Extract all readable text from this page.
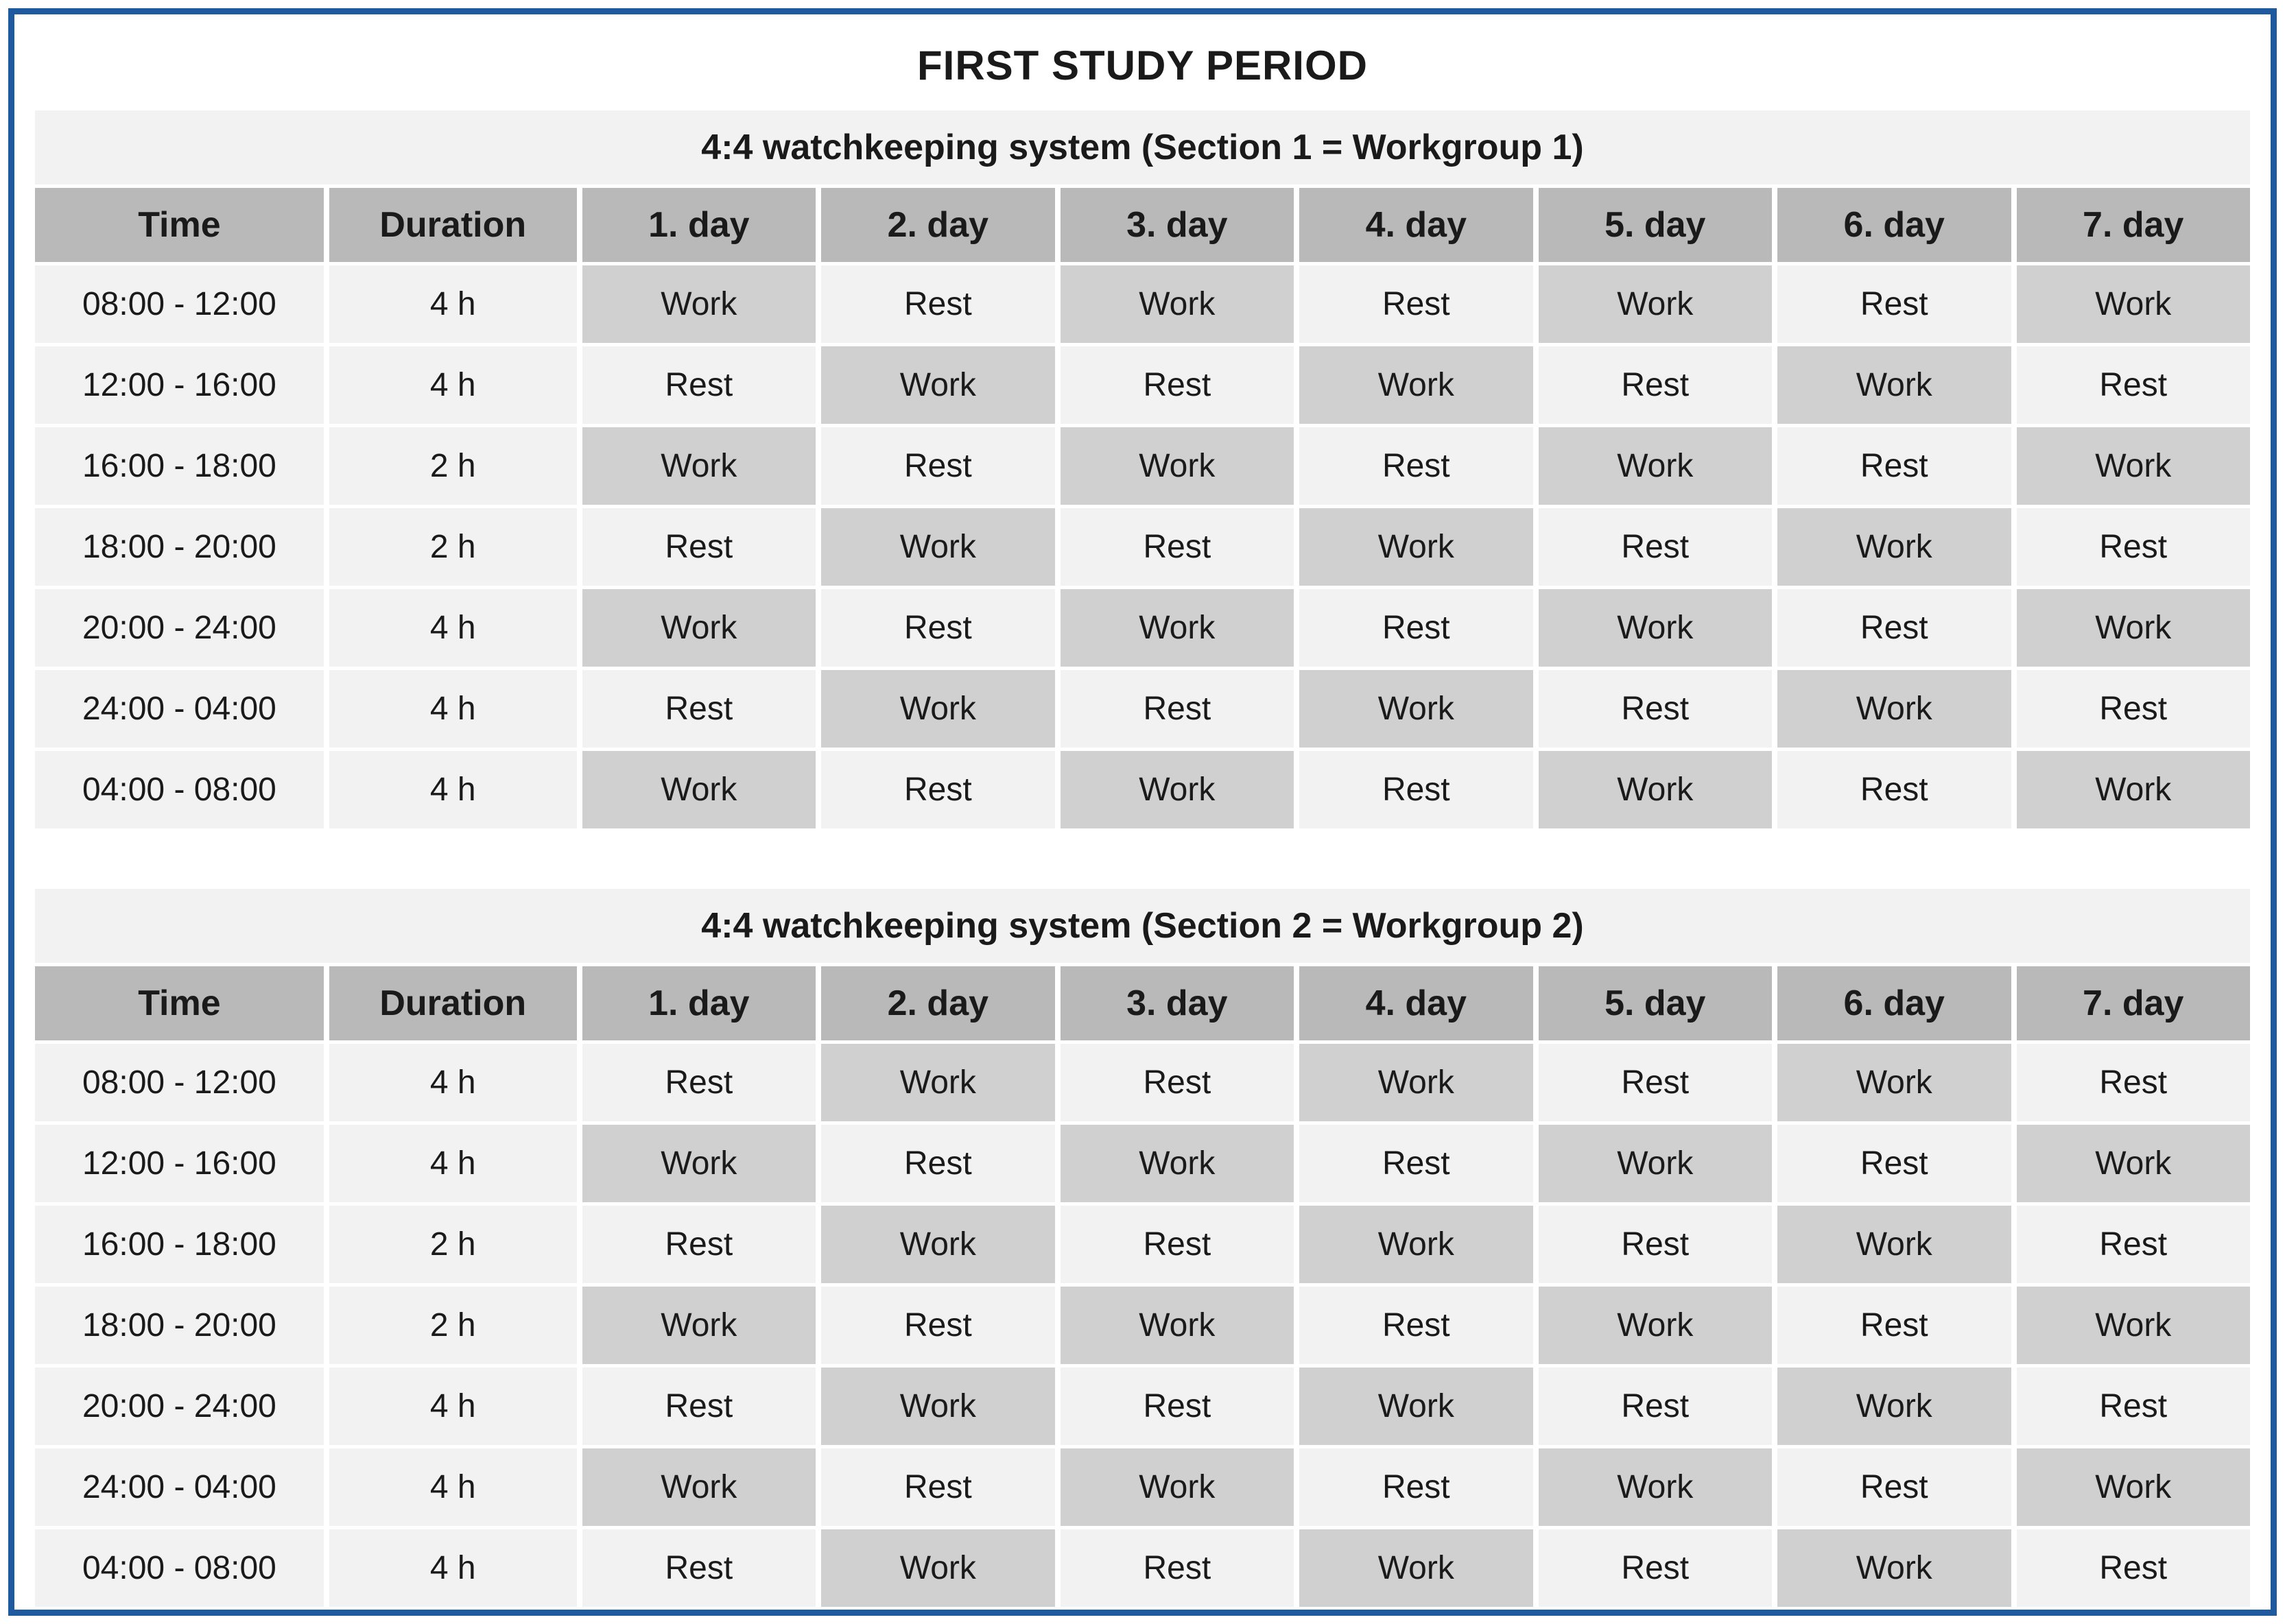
FIRST STUDY PERIOD
4:4 watchkeeping system (Section 1 = Workgroup 1)								
Time	Duration	1. day	2. day	3. day	4. day	5. day	6. day	7. day
08:00 - 12:00	4 h	Work	Rest	Work	Rest	Work	Rest	Work
12:00 - 16:00	4 h	Rest	Work	Rest	Work	Rest	Work	Rest
16:00 - 18:00	2 h	Work	Rest	Work	Rest	Work	Rest	Work
18:00 - 20:00	2 h	Rest	Work	Rest	Work	Rest	Work	Rest
20:00 - 24:00	4 h	Work	Rest	Work	Rest	Work	Rest	Work
24:00 - 04:00	4 h	Rest	Work	Rest	Work	Rest	Work	Rest
04:00 - 08:00	4 h	Work	Rest	Work	Rest	Work	Rest	Work
4:4 watchkeeping system (Section 2 = Workgroup 2)								
Time	Duration	1. day	2. day	3. day	4. day	5. day	6. day	7. day
08:00 - 12:00	4 h	Rest	Work	Rest	Work	Rest	Work	Rest
12:00 - 16:00	4 h	Work	Rest	Work	Rest	Work	Rest	Work
16:00 - 18:00	2 h	Rest	Work	Rest	Work	Rest	Work	Rest
18:00 - 20:00	2 h	Work	Rest	Work	Rest	Work	Rest	Work
20:00 - 24:00	4 h	Rest	Work	Rest	Work	Rest	Work	Rest
24:00 - 04:00	4 h	Work	Rest	Work	Rest	Work	Rest	Work
04:00 - 08:00	4 h	Rest	Work	Rest	Work	Rest	Work	Rest
